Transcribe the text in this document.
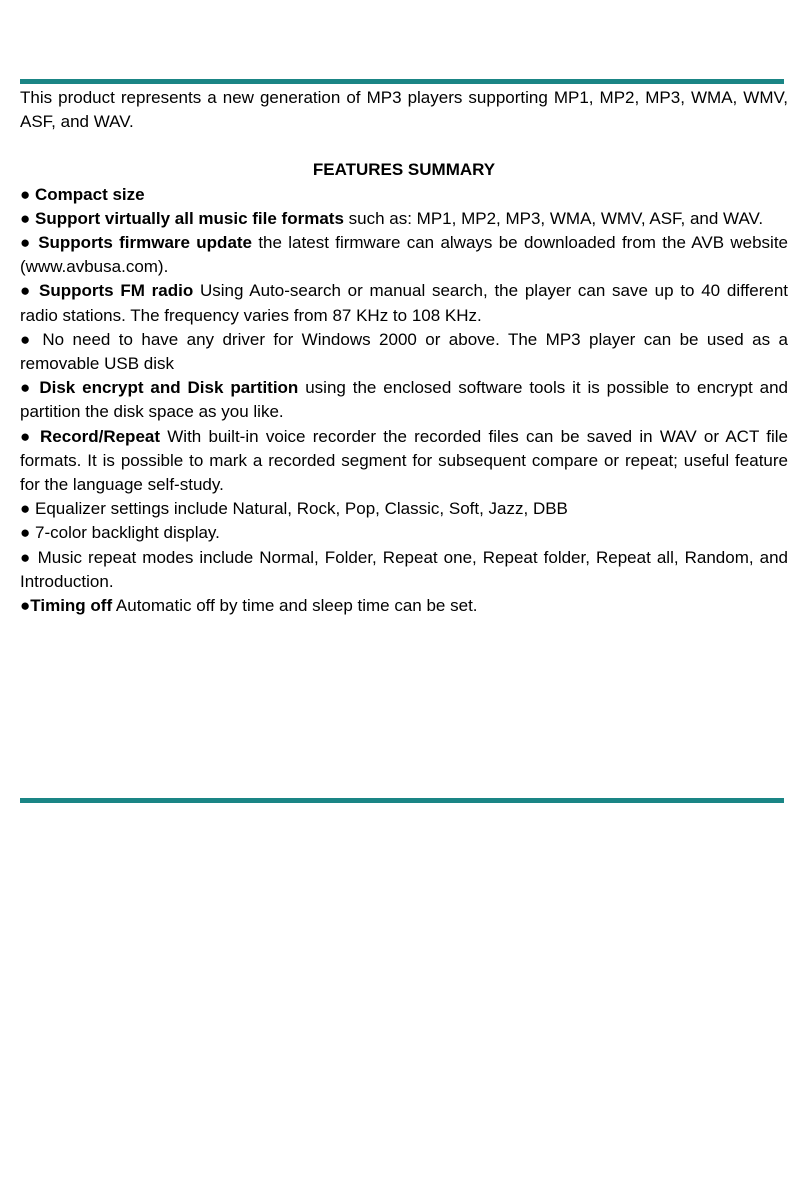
This product represents a new generation of MP3 players supporting MP1, MP2, MP3, WMA, WMV, ASF, and WAV.

FEATURES SUMMARY

● Compact size

● Support virtually all music file formats such as: MP1, MP2, MP3, WMA, WMV, ASF, and WAV.

● Supports firmware update the latest firmware can always be downloaded from the AVB website (www.avbusa.com).

● Supports FM radio Using Auto-search or manual search, the player can save up to 40 different radio stations. The frequency varies from 87 KHz to 108 KHz.

● No need to have any driver for Windows 2000 or above. The MP3 player can be used as a removable USB disk

● Disk encrypt and Disk partition using the enclosed software tools it is possible to encrypt and partition the disk space as you like.

● Record/Repeat With built-in voice recorder the recorded files can be saved in WAV or ACT file formats. It is possible to mark a recorded segment for subsequent compare or repeat; useful feature for the language self-study.

● Equalizer settings include Natural, Rock, Pop, Classic, Soft, Jazz, DBB

● 7-color backlight display.

● Music repeat modes include Normal, Folder, Repeat one, Repeat folder, Repeat all, Random, and Introduction.

●Timing off Automatic off by time and sleep time can be set.
